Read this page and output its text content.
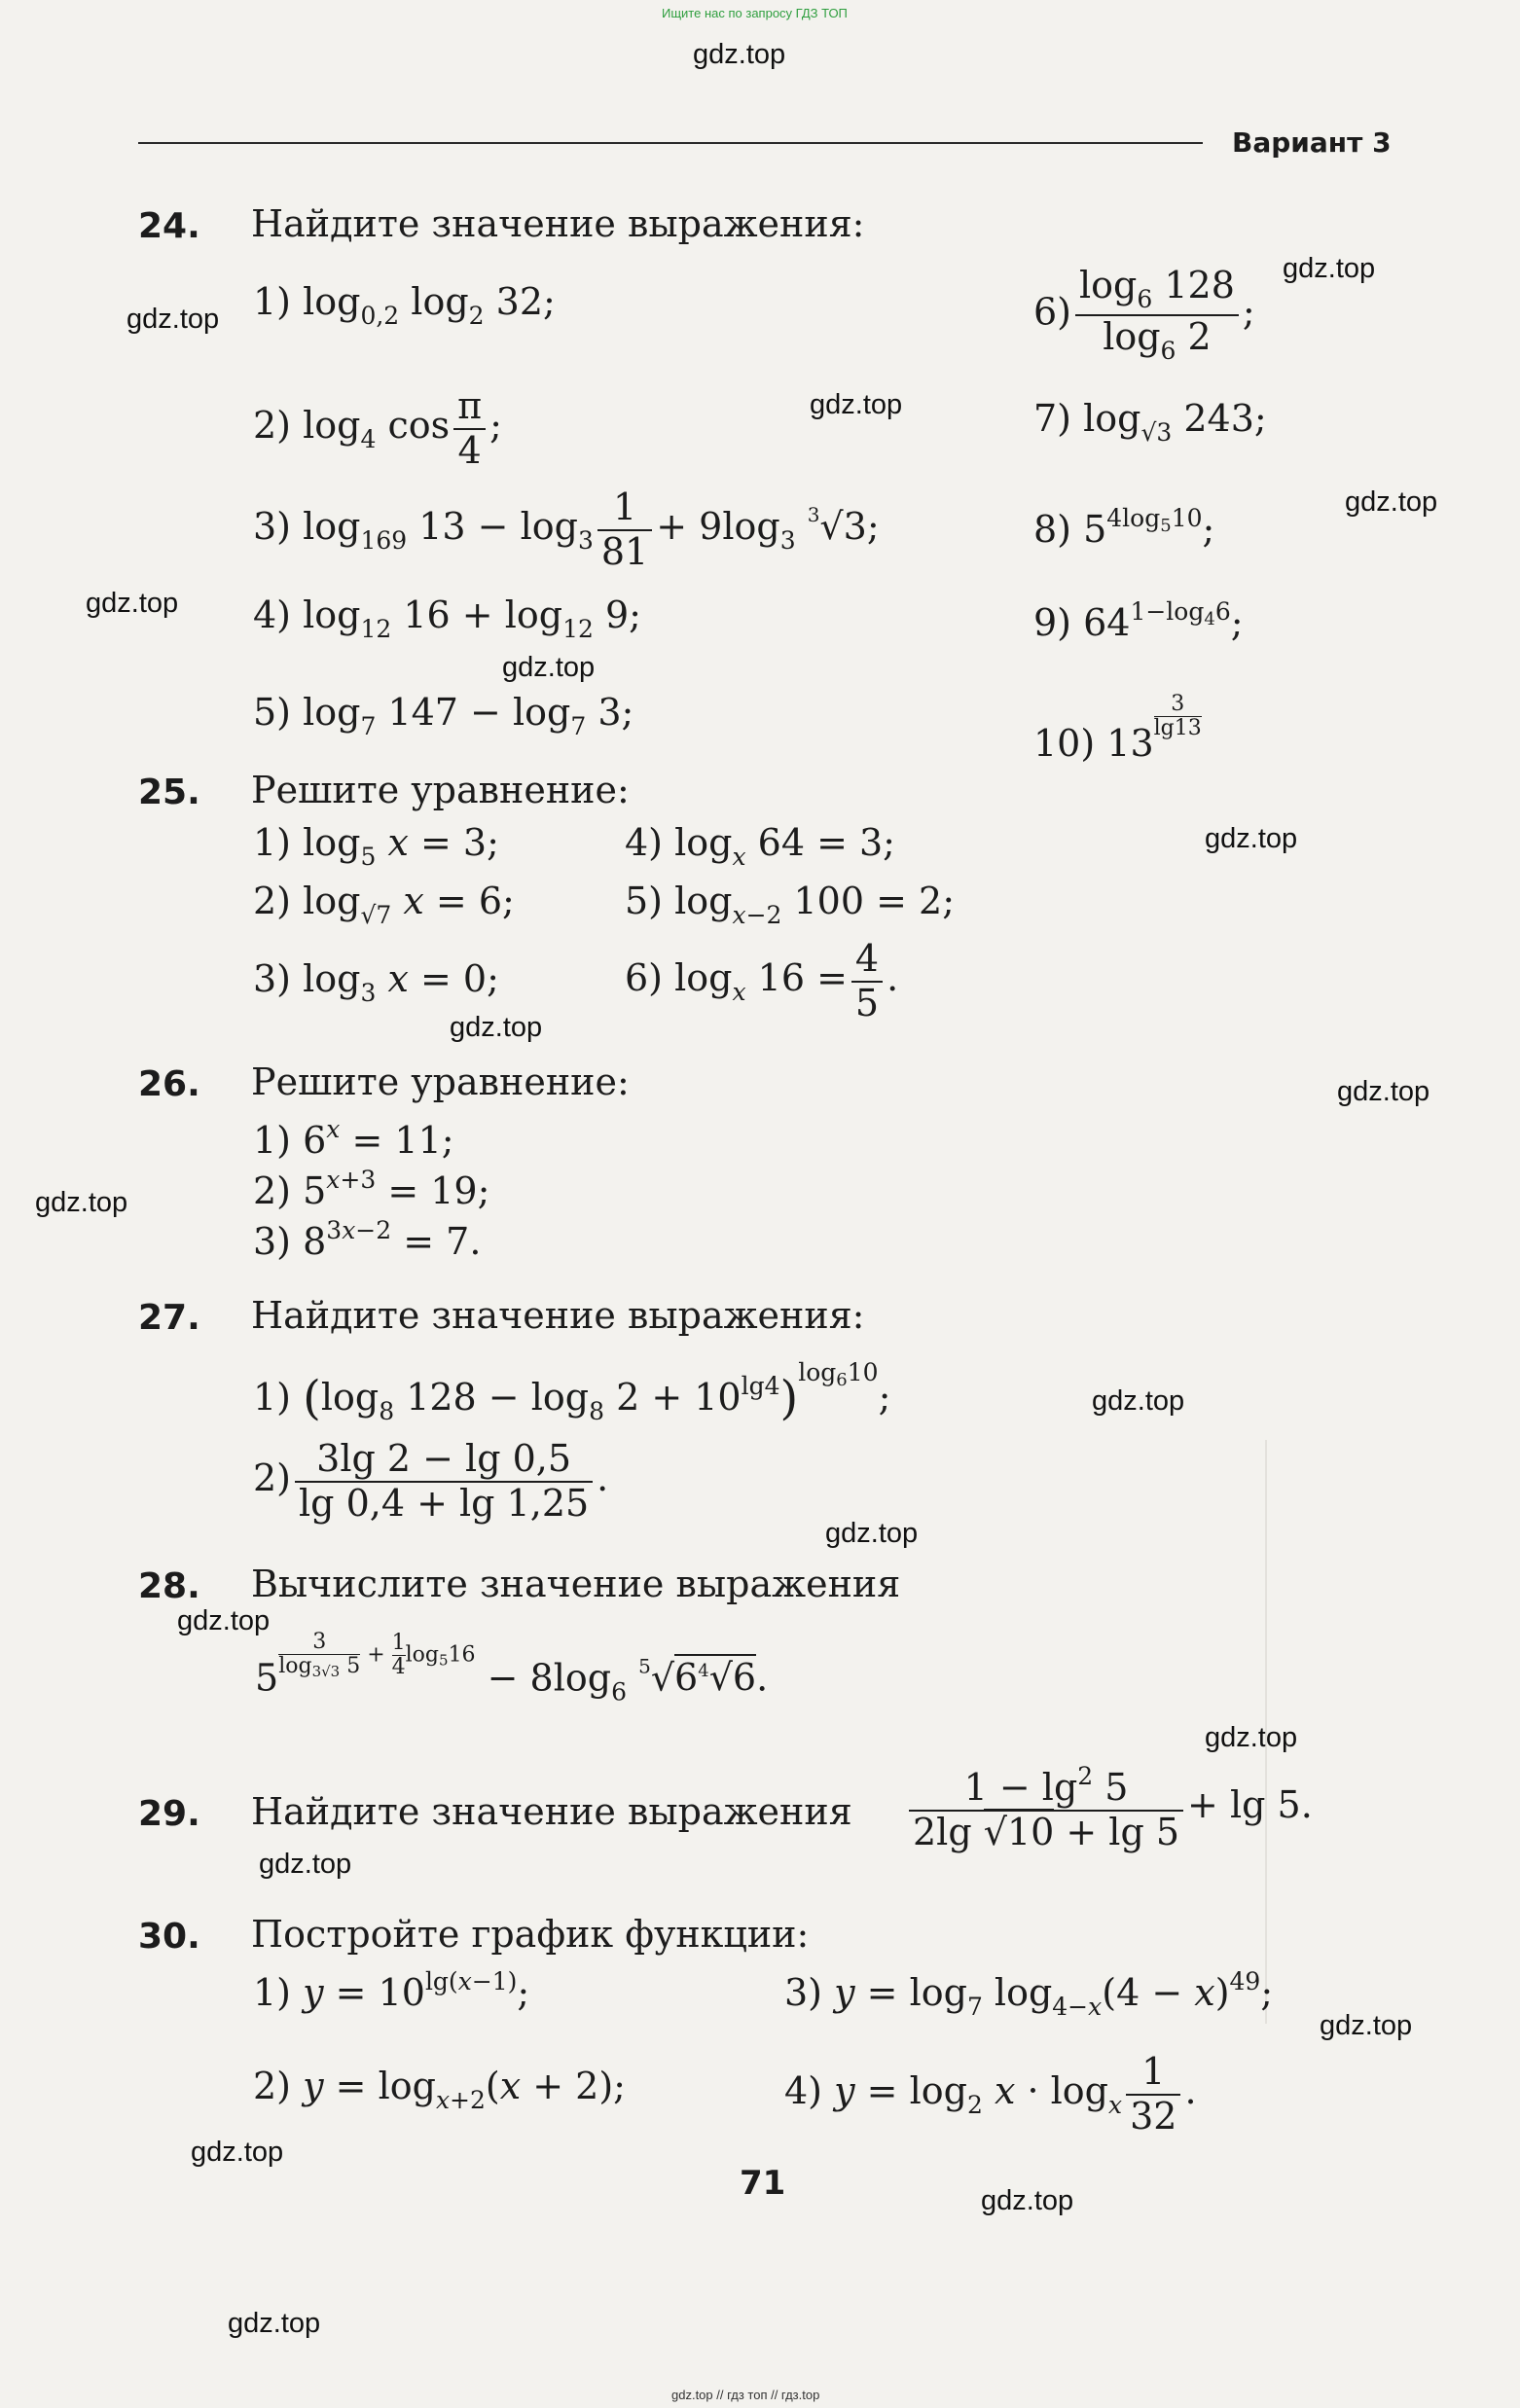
Ищите нас по запросу ГДЗ ТОП
gdz.top
gdz.top
gdz.top
gdz.top
gdz.top
gdz.top
gdz.top
gdz.top
gdz.top
gdz.top
gdz.top
gdz.top
gdz.top
gdz.top
gdz.top
gdz.top
gdz.top
gdz.top
gdz.top
gdz.top
Вариант 3
24. Найдите значение выражения:
1) $\log_{0,2} \log_2 32$;
2) $\log_4 \cos \frac{\pi}{4}$ ;
3) $\log_{169} 13 - \log_3 \frac{1}{81} + 9\log_3$ $^3$√3;
4) $\log_{12} 16 + \log_{12} 9$;
5) $\log_7 147 - \log_7 3$;
$6) \frac{\log_6 128}{\log_6 2}$ ;
7) $\log_{√3} 243$;
8) $5^{4log_510}$;
9) $64^{1-log_46}$;
10) 13
$\frac{3}{\lg 13}$
25. Решите уравнение:
1) $\log_5 x = 3$;
2) $\log_{√7} x = 6$;
3) $\log_3 x = 0$;
4) $\log_x 64 = 3$;
5) $\log_{x-2} 100 = 2$;
6) $\log_x 16 = \frac{4}{5}$ .
26. Решите уравнение:
1) $6^x = 11$;
2) $5^{x+3} = 19$;
3) $8^{3x-2} = 7$.
27. Найдите значение выражения:
1) ($\log_8$ $128 - \log_8 2 + 10^{lg4})^{log_610}$;
$2) \frac{3\lg 2 - \lg 0,5}{\lg 0,4 + \lg 1,25}$ .
28. Вычислите значение выражения
$5 \frac{3}{\log_{3√3} 5} + \frac{1}{4} \log_516 - 8\log_6$ $^5√6^4√6$.
29. Найдите значение выражения $\frac{1 - \lg^2 5}{2\lg √10 + \lg 5} + \lg 5$.
30. Постройте график функции:
1) $y = 10^{lg(x-1)}$;
2) $y = \log_{x+2}(x + 2)$;
3) $y = \log_7 \log_{4-x}(4 - x)^{49}$;
4) $y = \log_2 x \cdot \log_x \frac{1}{32}$ .
71
gdz.top // гдз топ // гдз.top
